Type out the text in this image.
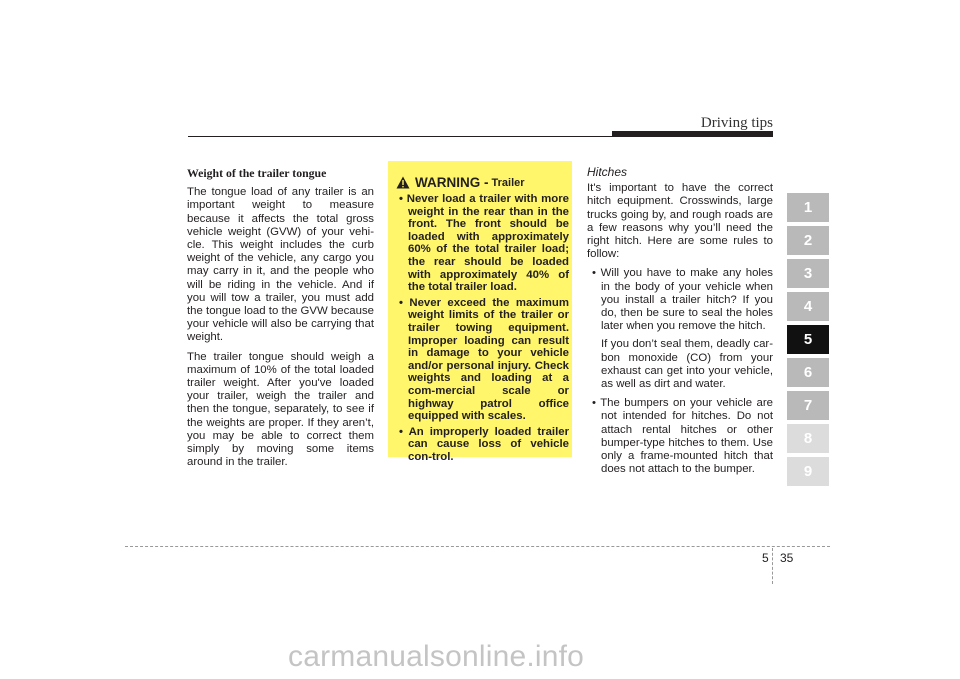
Driving tips

Weight of the trailer tongue

The tongue load of any trailer is an important weight to measure because it affects the total gross vehicle weight (GVW) of your vehi-cle. This weight includes the curb weight of the vehicle, any cargo you may carry in it, and the people who will be riding in the vehicle. And if you will tow a trailer, you must add the tongue load to the GVW because your vehicle will also be carrying that weight.

The trailer tongue should weigh a maximum of 10% of the total loaded trailer weight. After you've loaded your trailer, weigh the trailer and then the tongue, separately, to see if the weights are proper. If they aren’t, you may be able to correct them simply by moving some items around in the trailer.

WARNING - Trailer
• Never load a trailer with more weight in the rear than in the front. The front should be loaded with approximately 60% of the total trailer load; the rear should be loaded with approximately 40% of the total trailer load.
• Never exceed the maximum weight limits of the trailer or trailer towing equipment. Improper loading can result in damage to your vehicle and/or personal injury. Check weights and loading at a com-mercial scale or highway patrol office equipped with scales.
• An improperly loaded trailer can cause loss of vehicle con-trol.

Hitches

It's important to have the correct hitch equipment. Crosswinds, large trucks going by, and rough roads are a few reasons why you’ll need the right hitch. Here are some rules to follow:

• Will you have to make any holes in the body of your vehicle when you install a trailer hitch? If you do, then be sure to seal the holes later when you remove the hitch.

If you don’t seal them, deadly car-bon monoxide (CO) from your exhaust can get into your vehicle, as well as dirt and water.

• The bumpers on your vehicle are not intended for hitches. Do not attach rental hitches or other bumper-type hitches to them. Use only a frame-mounted hitch that does not attach to the bumper.
1
2
3
4
5
6
7
8
9
5 35
carmanualsonline.info
